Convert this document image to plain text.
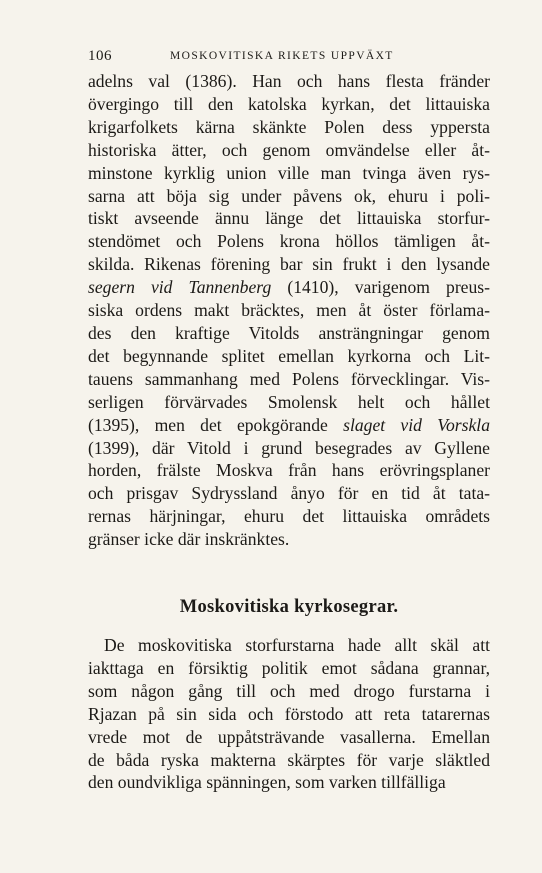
106	MOSKOVITISKA RIKETS UPPVÄXT
adelns val (1386). Han och hans flesta fränder
övergingo till den katolska kyrkan, det littauiska
krigarfolkets kärna skänkte Polen dess yppersta
historiska ätter, och genom omvändelse eller åt-
minstone kyrklig union ville man tvinga även rys-
sarna att böja sig under påvens ok, ehuru i poli-
tiskt avseende ännu länge det littauiska storfur-
stendömet och Polens krona höllos tämligen åt-
skilda. Rikenas förening bar sin frukt i den lysande
segern vid Tannenberg (1410), varigenom preus-
siska ordens makt bräcktes, men åt öster förlama-
des den kraftige Vitolds ansträngningar genom
det begynnande splitet emellan kyrkorna och Lit-
tauens sammanhang med Polens förvecklingar. Vis-
serligen förvärvades Smolensk helt och hållet
(1395), men det epokgörande slaget vid Vorskla
(1399), där Vitold i grund besegrades av Gyllene
horden, frälste Moskva från hans erövringsplaner
och prisgav Sydryssland ånyo för en tid åt tata-
rernas härjningar, ehuru det littauiska områdets
gränser icke där inskränktes.
Moskovitiska kyrkosegrar.
De moskovitiska storfurstarna hade allt skäl att
iakttaga en försiktig politik emot sådana grannar,
som någon gång till och med drogo furstarna i
Rjazan på sin sida och förstodo att reta tatarernas
vrede mot de uppåtsträvande vasallerna. Emellan
de båda ryska makterna skärptes för varje släktled
den oundvikliga spänningen, som varken tillfälliga
